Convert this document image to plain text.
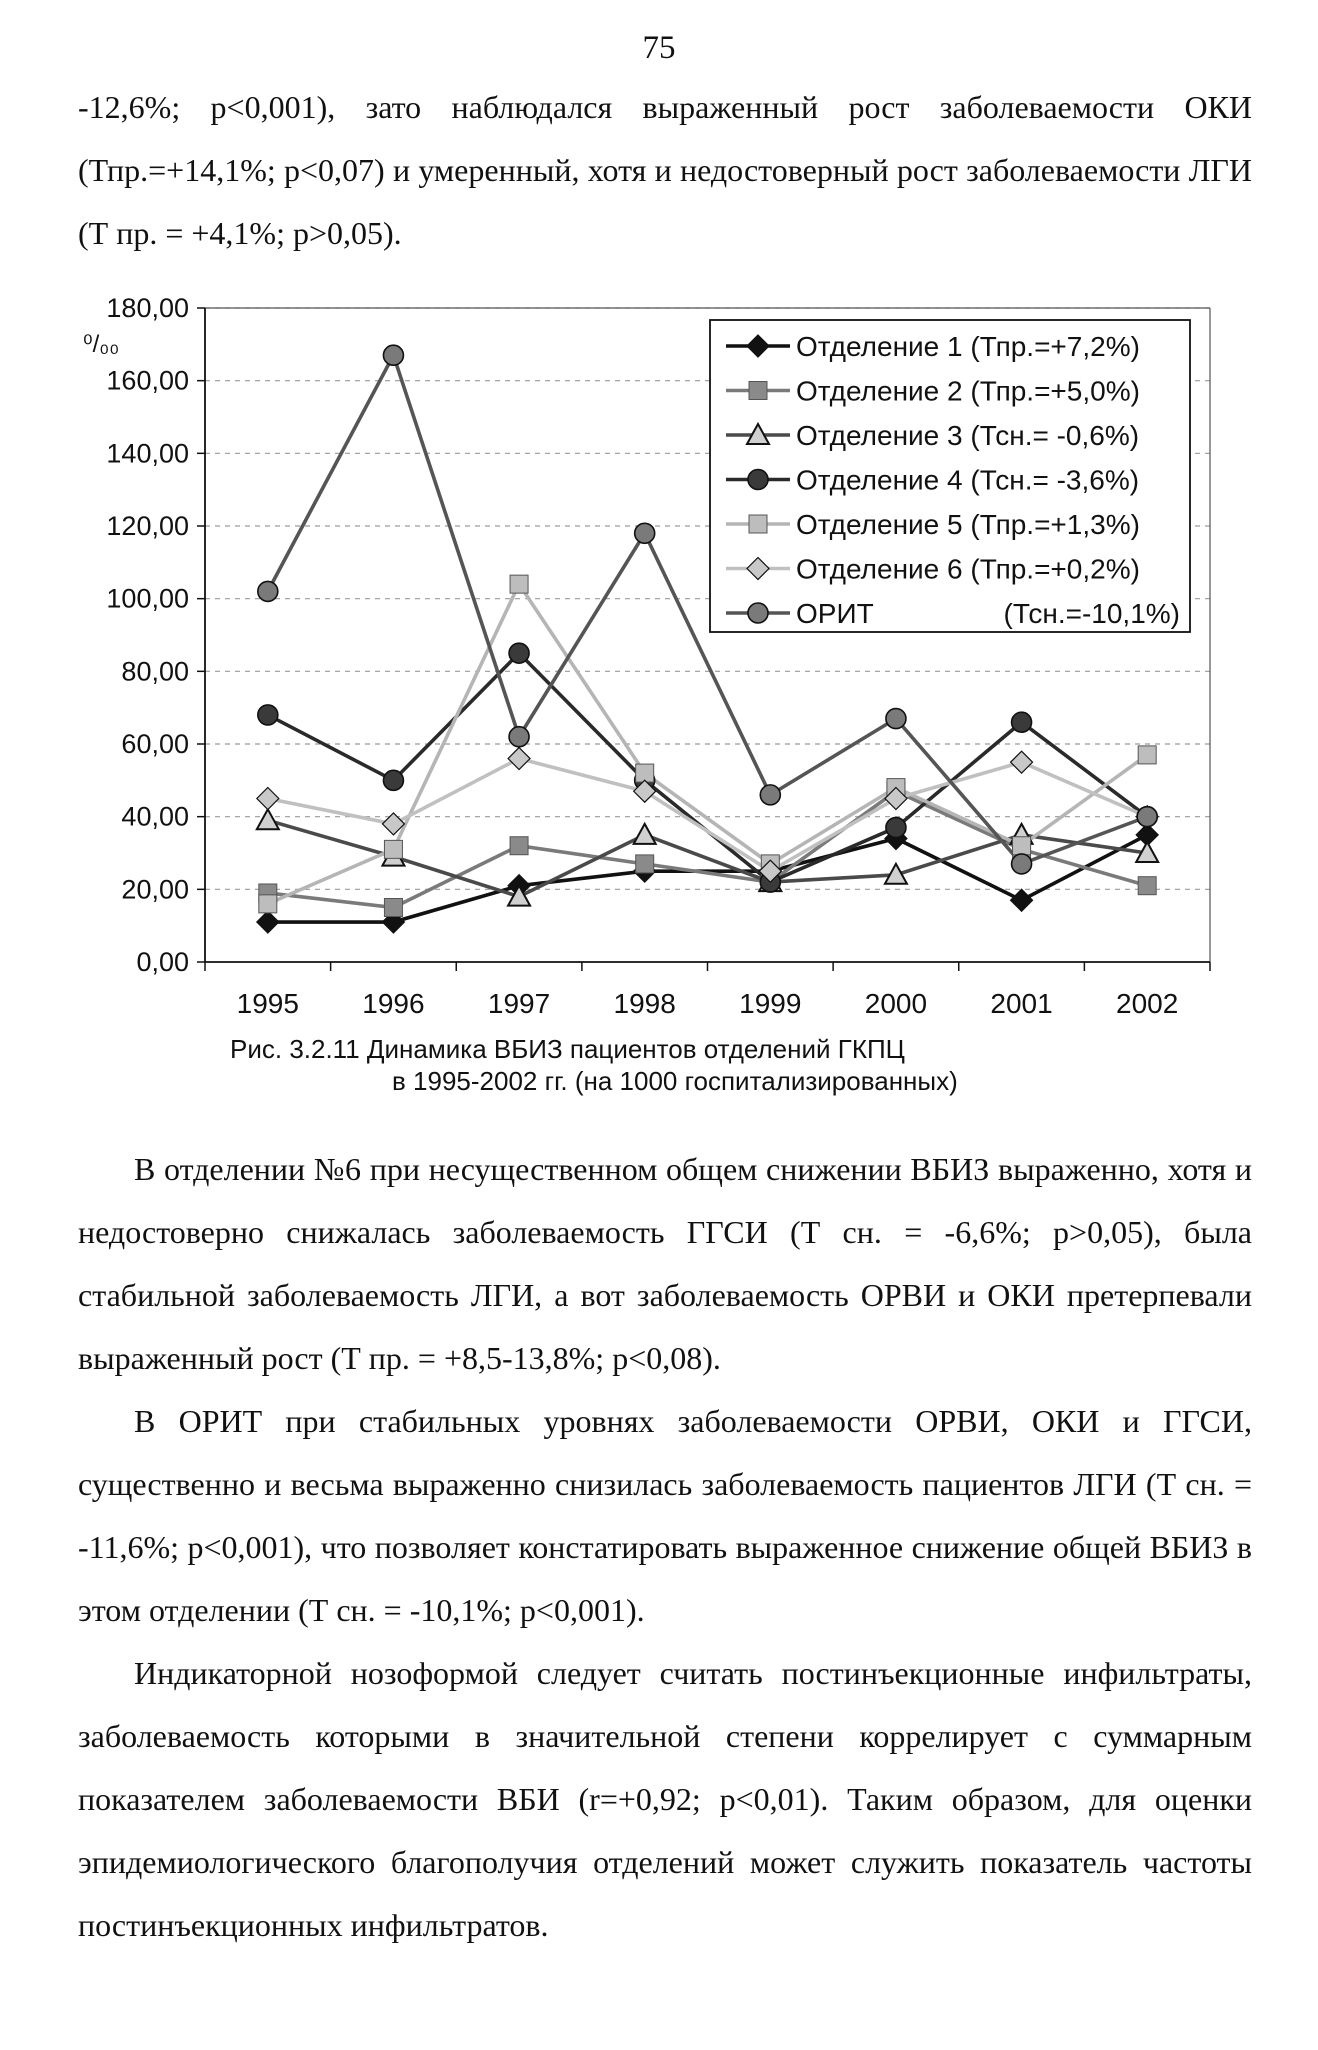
75

-12,6%; p<0,001), зато наблюдался выраженный рост заболеваемости ОКИ (Тпр.=+14,1%; p<0,07) и умеренный, хотя и недостоверный рост заболеваемости ЛГИ (Т пр. = +4,1%; p>0,05).

0,00
20,00
40,00
60,00
80,00
100,00
120,00
140,00
160,00
180,00
1995 1996 1997 1998 1999 2000 2001 2002
⁰/₀₀	Отделение 1 (Тпр.=+7,2%)
Отделение 2 (Тпр.=+5,0%)
Отделение 3 (Тсн.= -0,6%)
Отделение 4 (Тсн.= -3,6%)
Отделение 5 (Тпр.=+1,3%)
Отделение 6 (Тпр.=+0,2%)
ОРИТ	(Тсн.=-10,1%)
Рис. 3.2.11 Динамика ВБИЗ пациентов отделений ГКПЦ
в 1995-2002 гг. (на 1000 госпитализированных)

В отделении №6 при несущественном общем снижении ВБИЗ выраженно, хотя и недостоверно снижалась заболеваемость ГГСИ (Т сн. = -6,6%; p>0,05), была стабильной заболеваемость ЛГИ, а вот заболеваемость ОРВИ и ОКИ претерпевали выраженный рост (Т пр. = +8,5-13,8%; p<0,08).

В ОРИТ при стабильных уровнях заболеваемости ОРВИ, ОКИ и ГГСИ, существенно и весьма выраженно снизилась заболеваемость пациентов ЛГИ (Т сн. = -11,6%; p<0,001), что позволяет констатировать выраженное снижение общей ВБИЗ в этом отделении (Т сн. = -10,1%; p<0,001).

Индикаторной нозоформой следует считать постинъекционные инфильтраты, заболеваемость которыми в значительной степени коррелирует с суммарным показателем заболеваемости ВБИ (r=+0,92; p<0,01). Таким образом, для оценки эпидемиологического благополучия отделений может служить показатель частоты постинъекционных инфильтратов.
